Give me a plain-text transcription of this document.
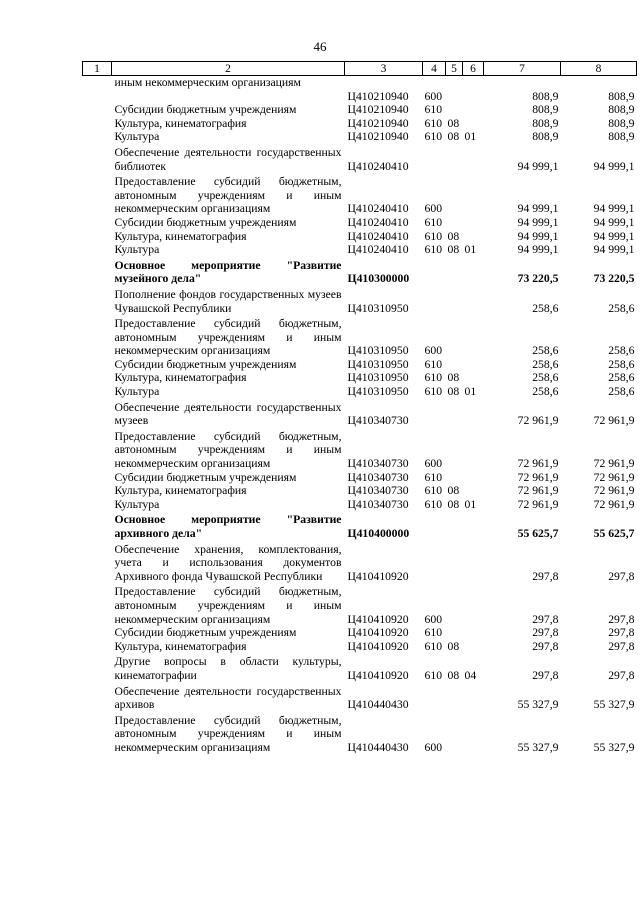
46
1	2	3	4	5	6	7	8
	иным некоммерческим организациям						
		Ц410210940	600			808,9	808,9
	Субсидии бюджетным учреждениям	Ц410210940	610			808,9	808,9
	Культура, кинематография	Ц410210940	610	08		808,9	808,9
	Культура	Ц410210940	610	08	01	808,9	808,9
	Обеспечение деятельности государственных библиотек	Ц410240410				94 999,1	94 999,1
	Предоставление субсидий бюджетным, автономным учреждениям и иным некоммерческим организациям	Ц410240410	600			94 999,1	94 999,1
	Субсидии бюджетным учреждениям	Ц410240410	610			94 999,1	94 999,1
	Культура, кинематография	Ц410240410	610	08		94 999,1	94 999,1
	Культура	Ц410240410	610	08	01	94 999,1	94 999,1
	Основное мероприятие "Развитие музейного дела"	Ц410300000				73 220,5	73 220,5
	Пополнение фондов государственных музеев Чувашской Республики	Ц410310950				258,6	258,6
	Предоставление субсидий бюджетным, автономным учреждениям и иным некоммерческим организациям	Ц410310950	600			258,6	258,6
	Субсидии бюджетным учреждениям	Ц410310950	610			258,6	258,6
	Культура, кинематография	Ц410310950	610	08		258,6	258,6
	Культура	Ц410310950	610	08	01	258,6	258,6
	Обеспечение деятельности государственных музеев	Ц410340730				72 961,9	72 961,9
	Предоставление субсидий бюджетным, автономным учреждениям и иным некоммерческим организациям	Ц410340730	600			72 961,9	72 961,9
	Субсидии бюджетным учреждениям	Ц410340730	610			72 961,9	72 961,9
	Культура, кинематография	Ц410340730	610	08		72 961,9	72 961,9
	Культура	Ц410340730	610	08	01	72 961,9	72 961,9
	Основное мероприятие "Развитие архивного дела"	Ц410400000				55 625,7	55 625,7
	Обеспечение хранения, комплектования, учета и использования документов Архивного фонда Чувашской Республики	Ц410410920				297,8	297,8
	Предоставление субсидий бюджетным, автономным учреждениям и иным некоммерческим организациям	Ц410410920	600			297,8	297,8
	Субсидии бюджетным учреждениям	Ц410410920	610			297,8	297,8
	Культура, кинематография	Ц410410920	610	08		297,8	297,8
	Другие вопросы в области культуры, кинематографии	Ц410410920	610	08	04	297,8	297,8
	Обеспечение деятельности государственных архивов	Ц410440430				55 327,9	55 327,9
	Предоставление субсидий бюджетным, автономным учреждениям и иным некоммерческим организациям	Ц410440430	600			55 327,9	55 327,9
